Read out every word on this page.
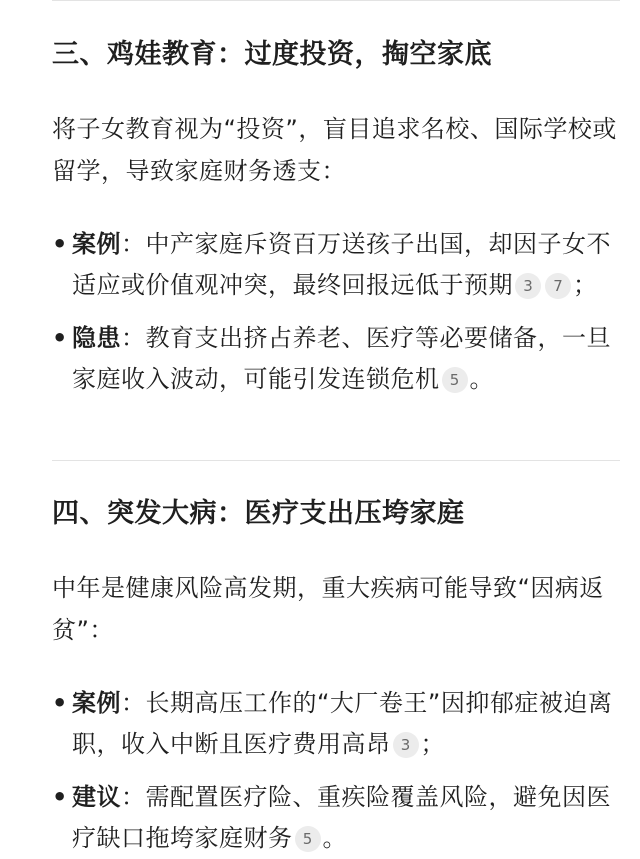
三、鸡娃教育：过度投资，掏空家底

将子女教育视为“投资”，盲目追求名校、国际学校或留学，导致家庭财务透支：

• 案例：中产家庭斥资百万送孩子出国，却因子女不适应或价值观冲突，最终回报远低于预期 3 7 ；
• 隐患：教育支出挤占养老、医疗等必要储备，一旦家庭收入波动，可能引发连锁危机 5 。
四、突发大病：医疗支出压垮家庭

中年是健康风险高发期，重大疾病可能导致“因病返贫”：

• 案例：长期高压工作的“大厂卷王”因抑郁症被迫离职，收入中断且医疗费用高昂 3 ；
• 建议：需配置医疗险、重疾险覆盖风险，避免因医疗缺口拖垮家庭财务 5 。
